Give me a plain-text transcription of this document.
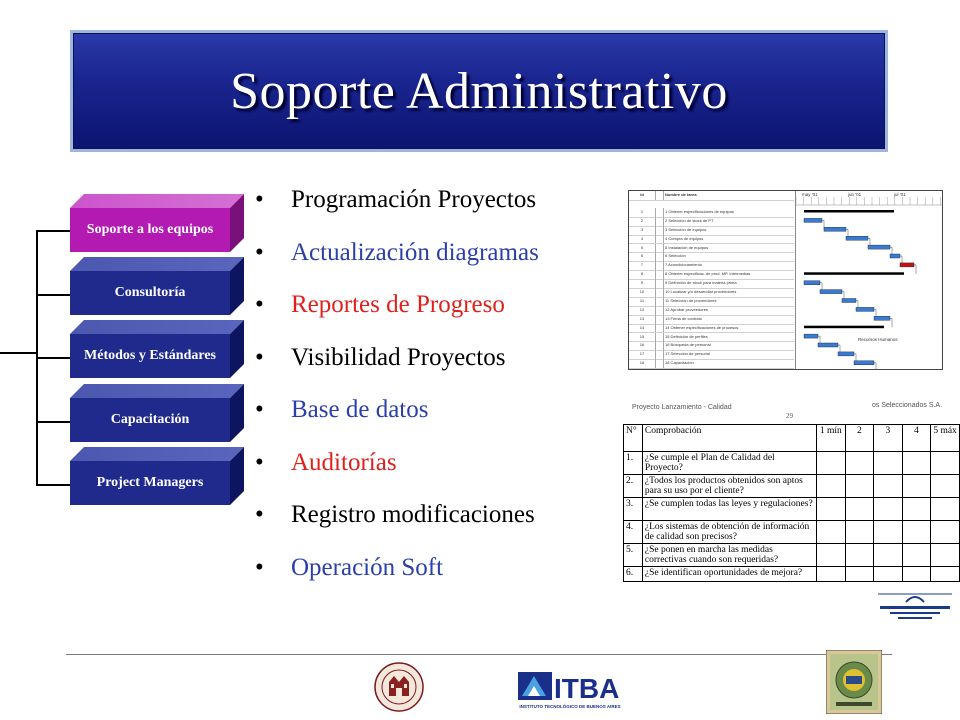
Soporte Administrativo
Soporte a los equipos
Consultoría
Métodos y Estándares
Capacitación
Project Managers
• Programación Proyectos
• Actualización diagramas
• Reportes de Progreso
• Visibilidad Proyectos
• Base de datos
• Auditorías
• Registro modificaciones
• Operación Soft
Id	Nombre de tarea
1	1 Obtener especificaciones de equipos
2	2 Selección de stock de PT
3	3 Selección de equipos
4	4 Compra de equipos
5	5 Instalación de equipos
6	6 Selección
7	7 Acondicionamiento
8	8 Obtener especificac. de prod. MP. Intermedias
9	9 Definición de stock para materia prima
10	10 Localizar y/o desarrollar proveedores
11	11 Selección de proveedores
12	12 Aprobar proveedores
13	13 Firma de contrato
14	14 Obtener especificaciones de procesos
15	15 Definición de perfiles
16	16 Búsqueda de personal
17	17 Selección de personal
18	18 Capacitación
may '01	jun '01	jul '01
Recursos Humanos
Proyecto Lanzamiento - Calidad
29
os Seleccionados S.A.
N°	Comprobación	1 mín	2	3	4	5 máx
1.	¿Se cumple el Plan de Calidad del Proyecto?					
2.	¿Todos los productos obtenidos son aptos para su uso por el cliente?					
3.	¿Se cumplen todas las leyes y regulaciones?					
4.	¿Los sistemas de obtención de información de calidad son precisos?					
5.	¿Se ponen en marcha las medidas correctivas cuando son requeridas?					
6.	¿Se identifican oportunidades de mejora?					
ITBA
INSTITUTO TECNOLÓGICO DE BUENOS AIRES
